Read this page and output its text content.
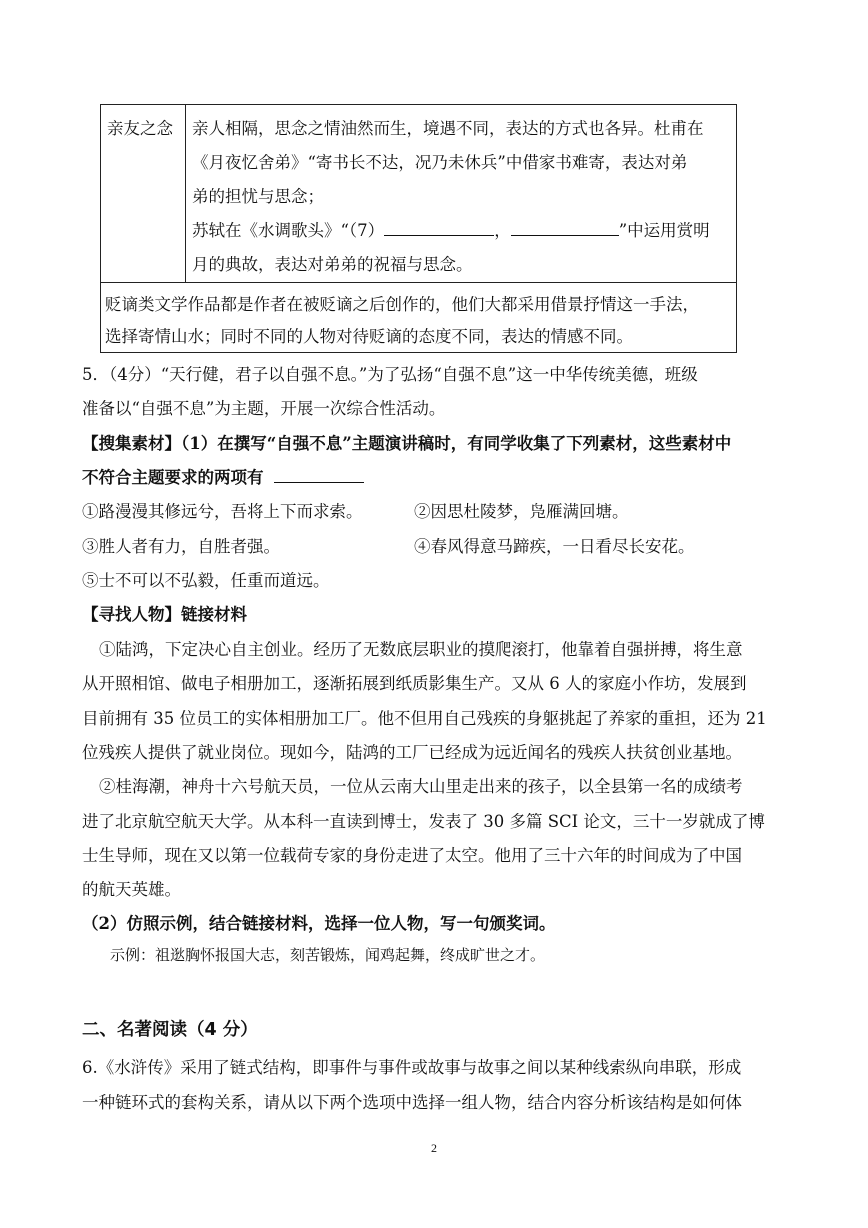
亲友之念	亲人相隔，思念之情油然而生，境遇不同，表达的方式也各异。杜甫在
《月夜忆舍弟》“寄书长不达，况乃未休兵”中借家书难寄，表达对弟
弟的担忧与思念；
苏轼在《水调歌头》“（7）	，	”中运用赏明
月的典故，表达对弟弟的祝福与思念。

贬谪类文学作品都是作者在被贬谪之后创作的，他们大都采用借景抒情这一手法，
选择寄情山水；同时不同的人物对待贬谪的态度不同，表达的情感不同。
5．（4分）“天行健，君子以自强不息。”为了弘扬“自强不息”这一中华传统美德，班级
准备以“自强不息”为主题，开展一次综合性活动。
【搜集素材】（1）在撰写“自强不息”主题演讲稿时，有同学收集了下列素材，这些素材中
不符合主题要求的两项有
①路漫漫其修远兮，吾将上下而求索。	②因思杜陵梦，凫雁满回塘。
③胜人者有力，自胜者强。	④春风得意马蹄疾，一日看尽长安花。
⑤士不可以不弘毅，任重而道远。
【寻找人物】链接材料
①陆鸿，下定决心自主创业。经历了无数底层职业的摸爬滚打，他靠着自强拼搏，将生意
从开照相馆、做电子相册加工，逐渐拓展到纸质影集生产。又从 6 人的家庭小作坊，发展到
目前拥有 35 位员工的实体相册加工厂。他不但用自己残疾的身躯挑起了养家的重担，还为 21
位残疾人提供了就业岗位。现如今，陆鸿的工厂已经成为远近闻名的残疾人扶贫创业基地。
②桂海潮，神舟十六号航天员，一位从云南大山里走出来的孩子，以全县第一名的成绩考
进了北京航空航天大学。从本科一直读到博士，发表了 30 多篇 SCI 论文，三十一岁就成了博
士生导师，现在又以第一位载荷专家的身份走进了太空。他用了三十六年的时间成为了中国
的航天英雄。
（2）仿照示例，结合链接材料，选择一位人物，写一句颁奖词。
示例：祖逖胸怀报国大志，刻苦锻炼，闻鸡起舞，终成旷世之才。
二、名著阅读（4 分）
6.《水浒传》采用了链式结构，即事件与事件或故事与故事之间以某种线索纵向串联，形成
一种链环式的套构关系，请从以下两个选项中选择一组人物，结合内容分析该结构是如何体
2
